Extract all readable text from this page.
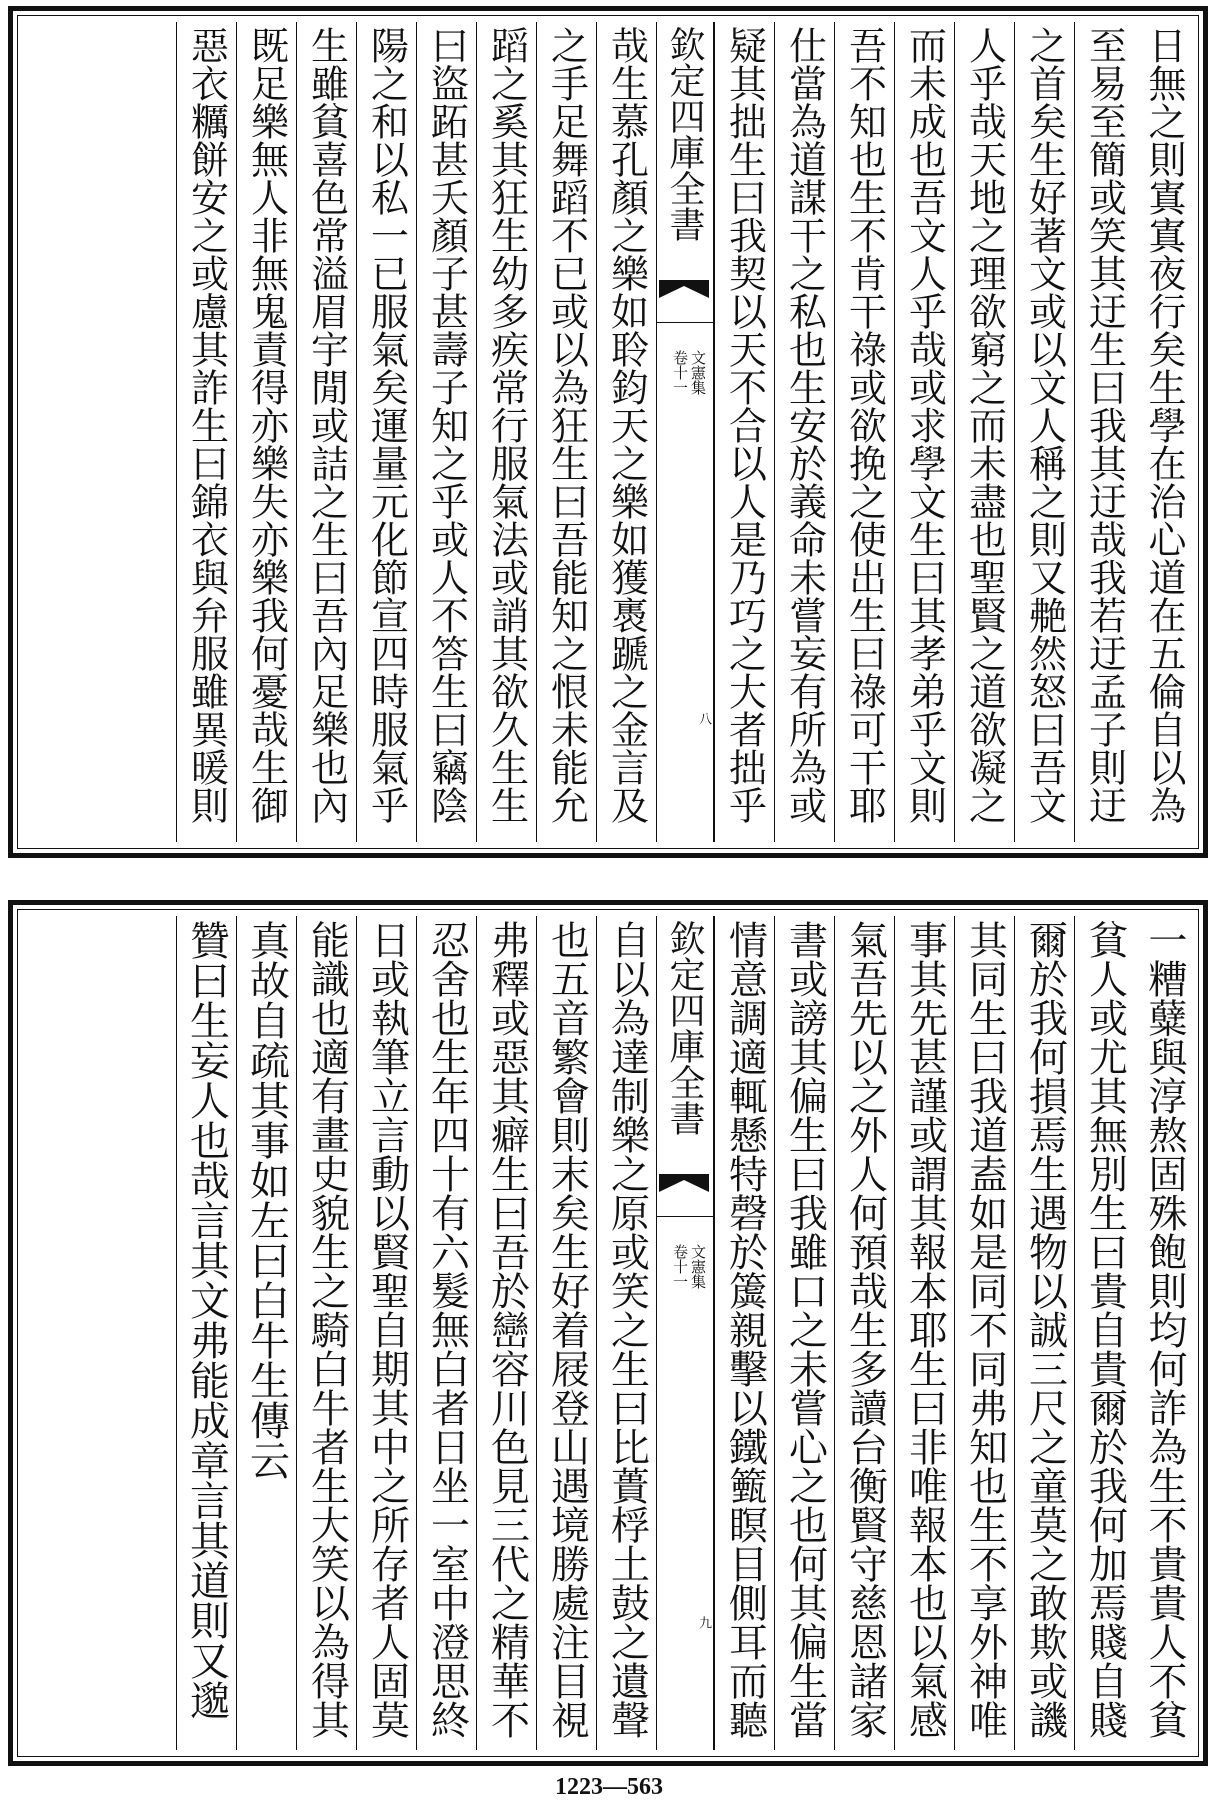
日無之則寘寘夜行矣生學在治心道在五倫自以為
至易至簡或笑其迂生曰我其迂哉我若迂孟子則迂
之首矣生好著文或以文人稱之則又艴然怒曰吾文
人乎哉天地之理欲窮之而未盡也聖賢之道欲凝之
而未成也吾文人乎哉或求學文生曰其孝弟乎文則
吾不知也生不肯干祿或欲挽之使出生曰祿可干耶
仕當為道謀干之私也生安於義命未嘗妄有所為或
疑其拙生曰我契以天不合以人是乃巧之大者拙乎
哉生慕孔顏之樂如聆鈞天之樂如獲褭蹏之金言及
之手足舞蹈不已或以為狂生曰吾能知之恨未能允
蹈之奚其狂生幼多疾常行服氣法或誚其欲久生生
曰盜跖甚夭顏子甚壽子知之乎或人不答生曰竊陰
陽之和以私一已服氣矣運量元化節宣四時服氣乎
生雖貧喜色常溢眉宇閒或詰之生曰吾內足樂也內
既足樂無人非無鬼責得亦樂失亦樂我何憂哉生御
惡衣糲餅安之或慮其詐生曰錦衣與弁服雖異暖則	欽定四庫全書
文憲集
卷十一
八
一糟糵與淳熬固殊飽則均何詐為生不貴貴人不貧
貧人或尤其無別生曰貴自貴爾於我何加焉賤自賤
爾於我何損焉生遇物以誠三尺之童莫之敢欺或譏
其同生曰我道盍如是同不同弗知也生不享外神唯
事其先甚謹或謂其報本耶生曰非唯報本也以氣感
氣吾先以之外人何預哉生多讀台衡賢守慈恩諸家
書或謗其偏生曰我雖口之未嘗心之也何其偏生當
情意調適輒懸特磬於簴親擊以鐵籈瞑目側耳而聽
自以為達制樂之原或笑之生曰比蕢桴土鼓之遺聲
也五音繁會則末矣生好着屐登山遇境勝處注目視
弗釋或惡其癖生曰吾於巒容川色見三代之精華不
忍舍也生年四十有六髮無白者日坐一室中澄思終
日或執筆立言動以賢聖自期其中之所存者人固莫
能識也適有畫史貌生之騎白牛者生大笑以為得其
真故自疏其事如左曰白牛生傳云
贊曰生妄人也哉言其文弗能成章言其道則又邈	欽定四庫全書
文憲集
卷十一
九
1223—563
